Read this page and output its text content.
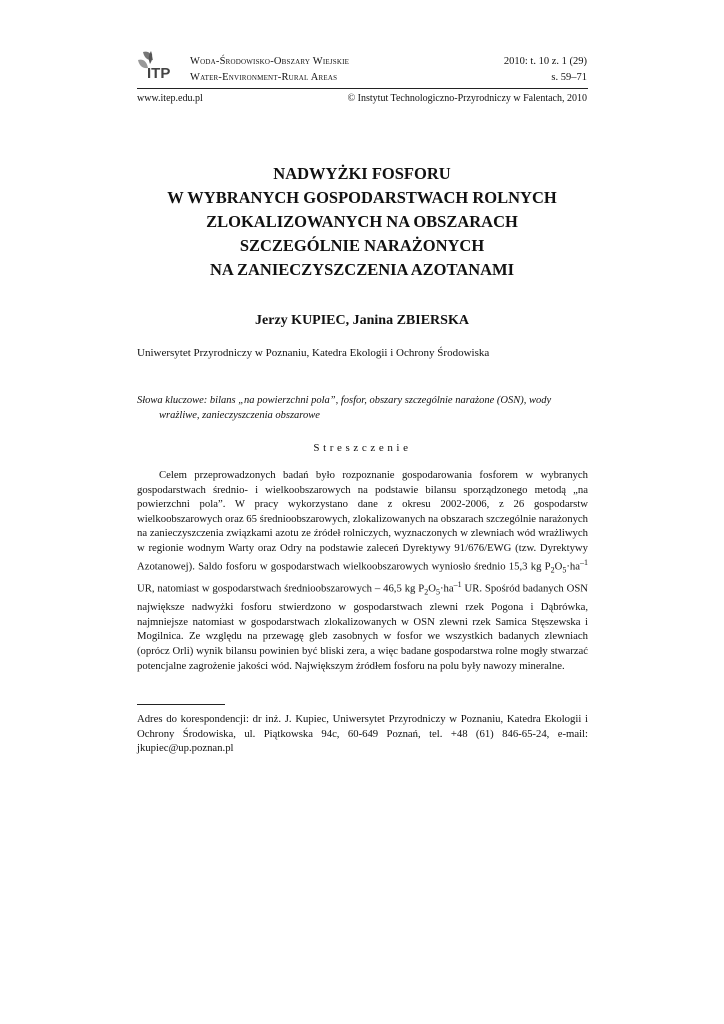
ITP
Woda-Środowisko-Obszary Wiejskie
Water-Environment-Rural Areas
2010: t. 10 z. 1 (29)
s. 59–71
www.itep.edu.pl	© Instytut Technologiczno-Przyrodniczy w Falentach, 2010
NADWYŻKI FOSFORU
W WYBRANYCH GOSPODARSTWACH ROLNYCH
ZLOKALIZOWANYCH NA OBSZARACH
SZCZEGÓLNIE NARAŻONYCH
NA ZANIECZYSZCZENIA AZOTANAMI
Jerzy KUPIEC, Janina ZBIERSKA
Uniwersytet Przyrodniczy w Poznaniu, Katedra Ekologii i Ochrony Środowiska
Słowa kluczowe: bilans „na powierzchni pola”, fosfor, obszary szczególnie narażone (OSN), wody wrażliwe, zanieczyszczenia obszarowe
Streszczenie
Celem przeprowadzonych badań było rozpoznanie gospodarowania fosforem w wybranych gospodarstwach średnio- i wielkoobszarowych na podstawie bilansu sporządzonego metodą „na powierzchni pola”. W pracy wykorzystano dane z okresu 2002-2006, z 26 gospodarstw wielkoobszarowych oraz 65 średnioobszarowych, zlokalizowanych na obszarach szczególnie narażonych na zanieczyszczenia związkami azotu ze źródeł rolniczych, wyznaczonych w zlewniach wód wrażliwych w regionie wodnym Warty oraz Odry na podstawie zaleceń Dyrektywy 91/676/EWG (tzw. Dyrektywy Azotanowej). Saldo fosforu w gospodarstwach wielkoobszarowych wyniosło średnio 15,3 kg $P_2O_5\cdot ha^{-1}$ UR, natomiast w gospodarstwach średnioobszarowych – 46,5 kg $P_2O_5\cdot ha^{-1}$ UR. Spośród badanych OSN największe nadwyżki fosforu stwierdzono w gospodarstwach zlewni rzek Pogona i Dąbrówka, najmniejsze natomiast w gospodarstwach zlokalizowanych w OSN zlewni rzek Samica Stęszewska i Mogilnica. Ze względu na przewagę gleb zasobnych w fosfor we wszystkich badanych zlewniach (oprócz Orli) wynik bilansu powinien być bliski zera, a więc badane gospodarstwa rolne mogły stwarzać potencjalne zagrożenie jakości wód. Największym źródłem fosforu na polu były nawozy mineralne.
Adres do korespondencji: dr inż. J. Kupiec, Uniwersytet Przyrodniczy w Poznaniu, Katedra Ekologii i Ochrony Środowiska, ul. Piątkowska 94c, 60-649 Poznań, tel. +48 (61) 846-65-24, e-mail: jkupiec@up.poznan.pl
